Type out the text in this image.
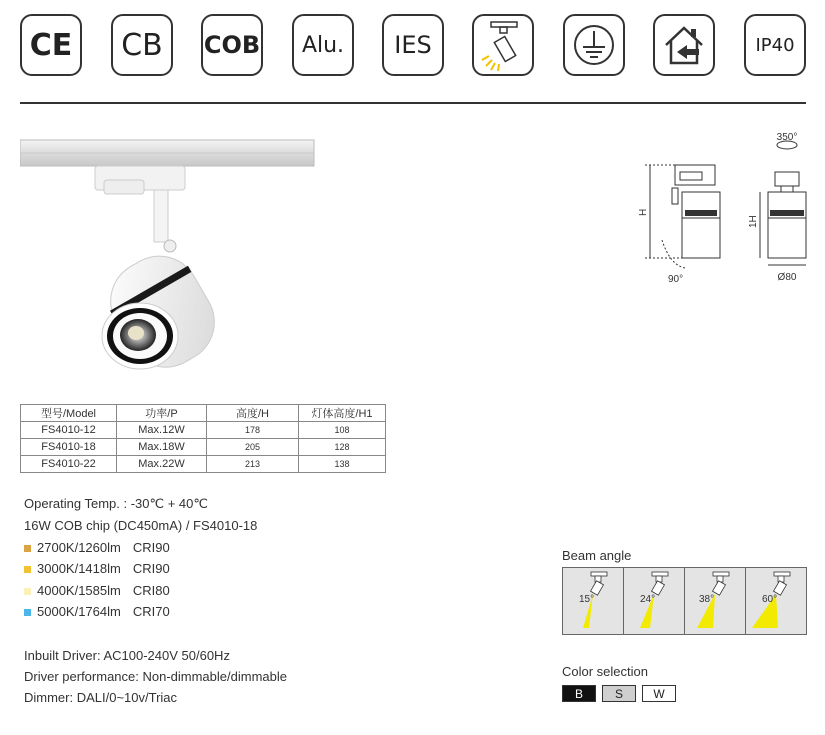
CE CB COB Alu. IES	IP40
350°
H
1H
90°	Ø80
型号/Model	功率/P	高度/H	灯体高度/H1
FS4010-12	Max.12W	178	108
FS4010-18	Max.18W	205	128
FS4010-22	Max.22W	213	138
Operating Temp. : -30℃ + 40℃
16W COB chip (DC450mA) / FS4010-18
2700K/1260lm CRI90
3000K/1418lm CRI90
4000K/1585lm CRI80
5000K/1764lm CRI70
Inbuilt Driver: AC100-240V 50/60Hz
Driver performance: Non-dimmable/dimmable
Dimmer: DALI/0~10v/Triac
Beam angle
15°	24°	38°	60°
Color selection
B	S	W
